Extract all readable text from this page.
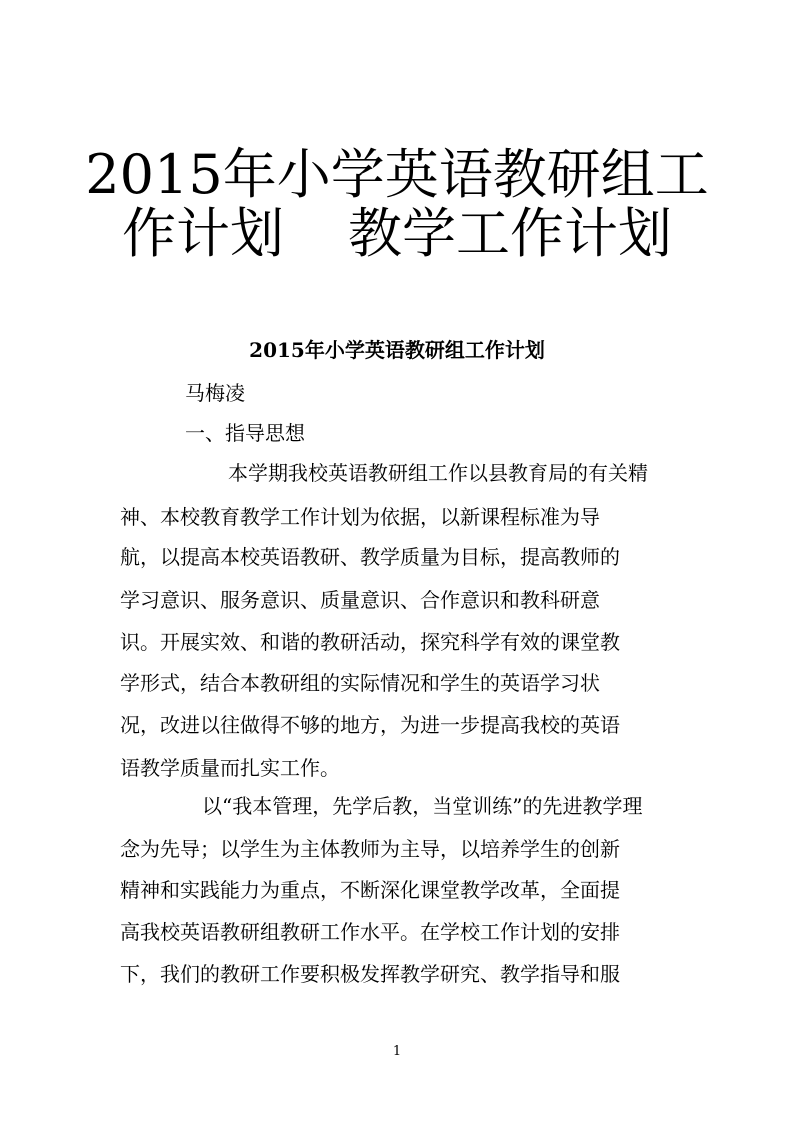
2015年小学英语教研组工
作计划 教学工作计划

2015年小学英语教研组工作计划

马梅凌

一、指导思想

本学期我校英语教研组工作以县教育局的有关精

神、本校教育教学工作计划为依据，以新课程标准为导

航，以提高本校英语教研、教学质量为目标，提高教师的

学习意识、服务意识、质量意识、合作意识和教科研意

识。开展实效、和谐的教研活动，探究科学有效的课堂教

学形式，结合本教研组的实际情况和学生的英语学习状

况，改进以往做得不够的地方，为进一步提高我校的英语

语教学质量而扎实工作。

以“我本管理，先学后教，当堂训练”的先进教学理

念为先导；以学生为主体教师为主导，以培养学生的创新

精神和实践能力为重点，不断深化课堂教学改革，全面提

高我校英语教研组教研工作水平。在学校工作计划的安排

下，我们的教研工作要积极发挥教学研究、教学指导和服

1
